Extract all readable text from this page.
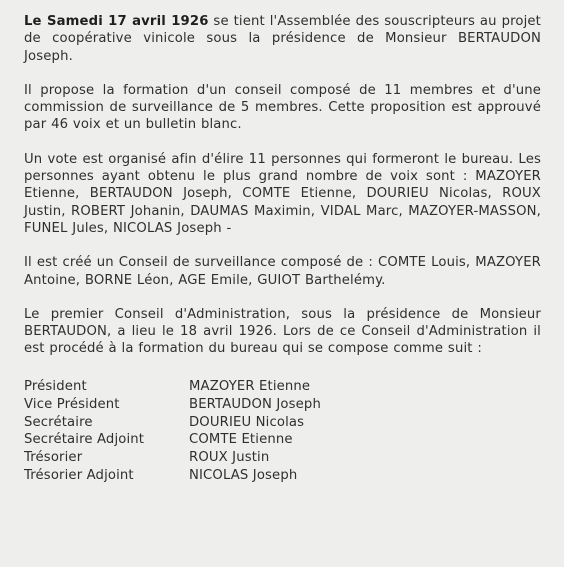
Le Samedi 17 avril 1926 se tient l'Assemblée des souscripteurs au projet de coopérative vinicole sous la présidence de Monsieur BERTAUDON Joseph.

Il propose la formation d'un conseil composé de 11 membres et d'une commission de surveillance de 5 membres. Cette proposition est approuvé par 46 voix et un bulletin blanc.

Un vote est organisé afin d'élire 11 personnes qui formeront le bureau. Les personnes ayant obtenu le plus grand nombre de voix sont : MAZOYER Etienne, BERTAUDON Joseph, COMTE Etienne, DOURIEU Nicolas, ROUX Justin, ROBERT Johanin, DAUMAS Maximin, VIDAL Marc, MAZOYER-MASSON, FUNEL Jules, NICOLAS Joseph -

Il est créé un Conseil de surveillance composé de : COMTE Louis, MAZOYER Antoine, BORNE Léon, AGE Emile, GUIOT Barthelémy.

Le premier Conseil d'Administration, sous la présidence de Monsieur BERTAUDON, a lieu le 18 avril 1926. Lors de ce Conseil d'Administration il est procédé à la formation du bureau qui se compose comme suit :

Président	MAZOYER Etienne
Vice Président	BERTAUDON Joseph
Secrétaire	DOURIEU Nicolas
Secrétaire Adjoint	COMTE Etienne
Trésorier	ROUX Justin
Trésorier Adjoint	NICOLAS Joseph
